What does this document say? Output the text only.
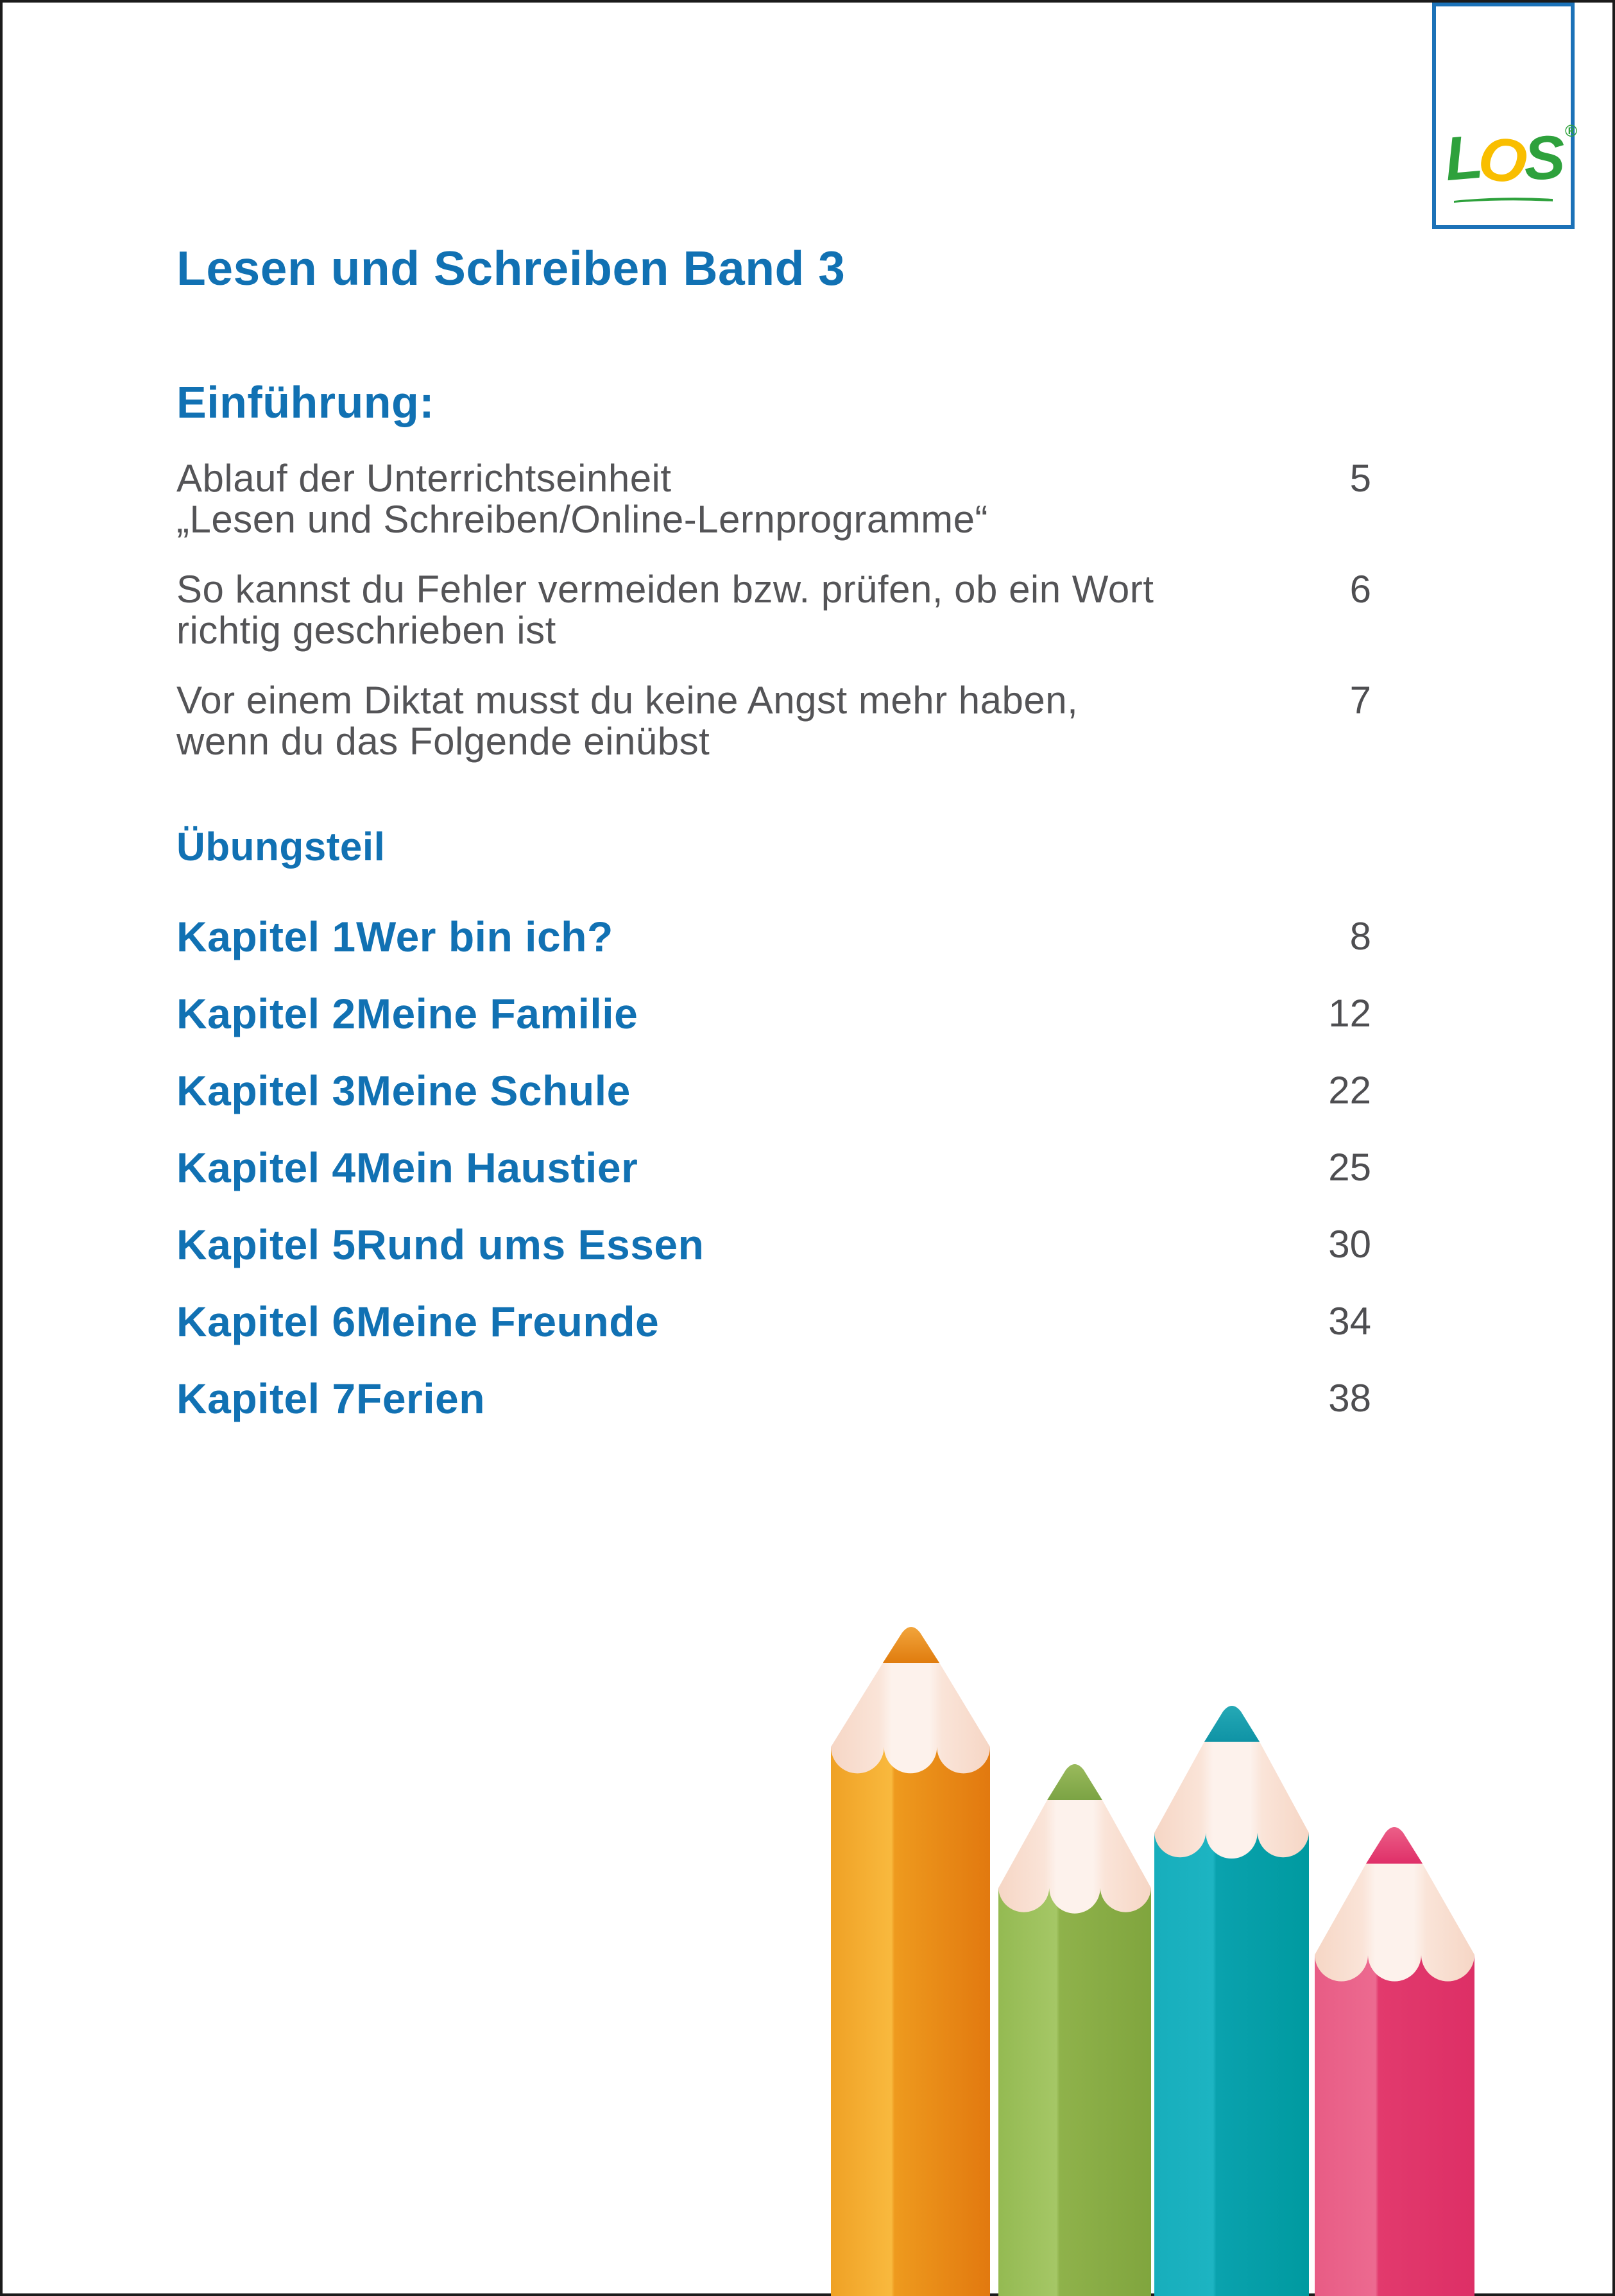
LOS ®
Lesen und Schreiben Band 3
Einführung:
Ablauf der Unterrichtseinheit
„Lesen und Schreiben/Online-Lernprogramme“
5
So kannst du Fehler vermeiden bzw. prüfen, ob ein Wort
richtig geschrieben ist
6
Vor einem Diktat musst du keine Angst mehr haben,
wenn du das Folgende einübst
7
Übungsteil
Kapitel 1 Wer bin ich?	8
Kapitel 2 Meine Familie	12
Kapitel 3 Meine Schule	22
Kapitel 4 Mein Haustier	25
Kapitel 5 Rund ums Essen	30
Kapitel 6 Meine Freunde	34
Kapitel 7 Ferien	38
